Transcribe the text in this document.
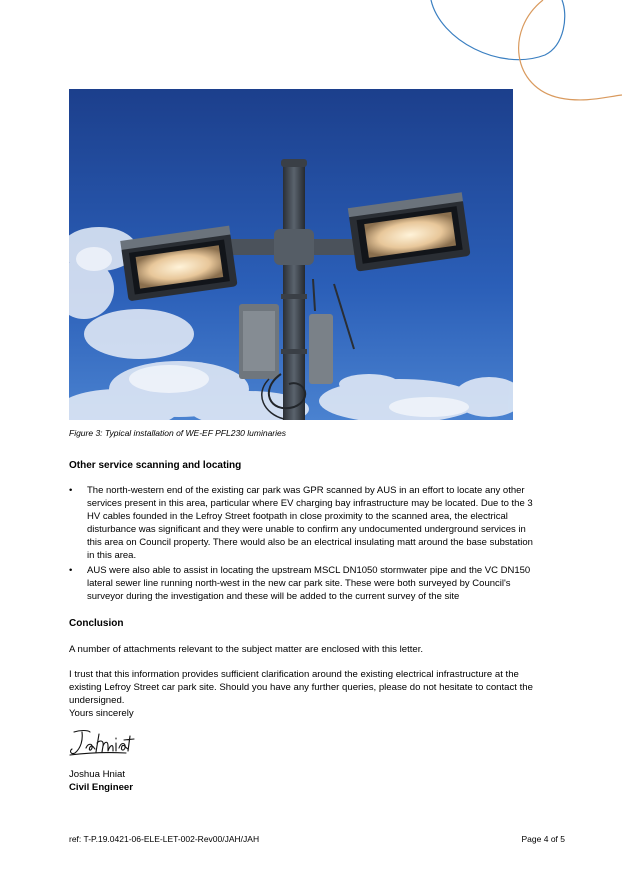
Figure 3: Typical installation of WE-EF PFL230 luminaries
Other service scanning and locating
• The north-western end of the existing car park was GPR scanned by AUS in an effort to locate any other services present in this area, particular where EV charging bay infrastructure may be located. Due to the 3 HV cables founded in the Lefroy Street footpath in close proximity to the scanned area, the electrical disturbance was significant and they were unable to confirm any undocumented underground services in this area on Council property. There would also be an electrical insulating matt around the base substation in this area.
• AUS were also able to assist in locating the upstream MSCL DN1050 stormwater pipe and the VC DN150 lateral sewer line running north-west in the new car park site. These were both surveyed by Council's surveyor during the investigation and these will be added to the current survey of the site
Conclusion
A number of attachments relevant to the subject matter are enclosed with this letter.
I trust that this information provides sufficient clarification around the existing electrical infrastructure at the existing Lefroy Street car park site. Should you have any further queries, please do not hesitate to contact the undersigned.
Yours sincerely
Joshua Hniat
Civil Engineer
ref: T-P.19.0421-06-ELE-LET-002-Rev00/JAH/JAH	Page 4 of 5
